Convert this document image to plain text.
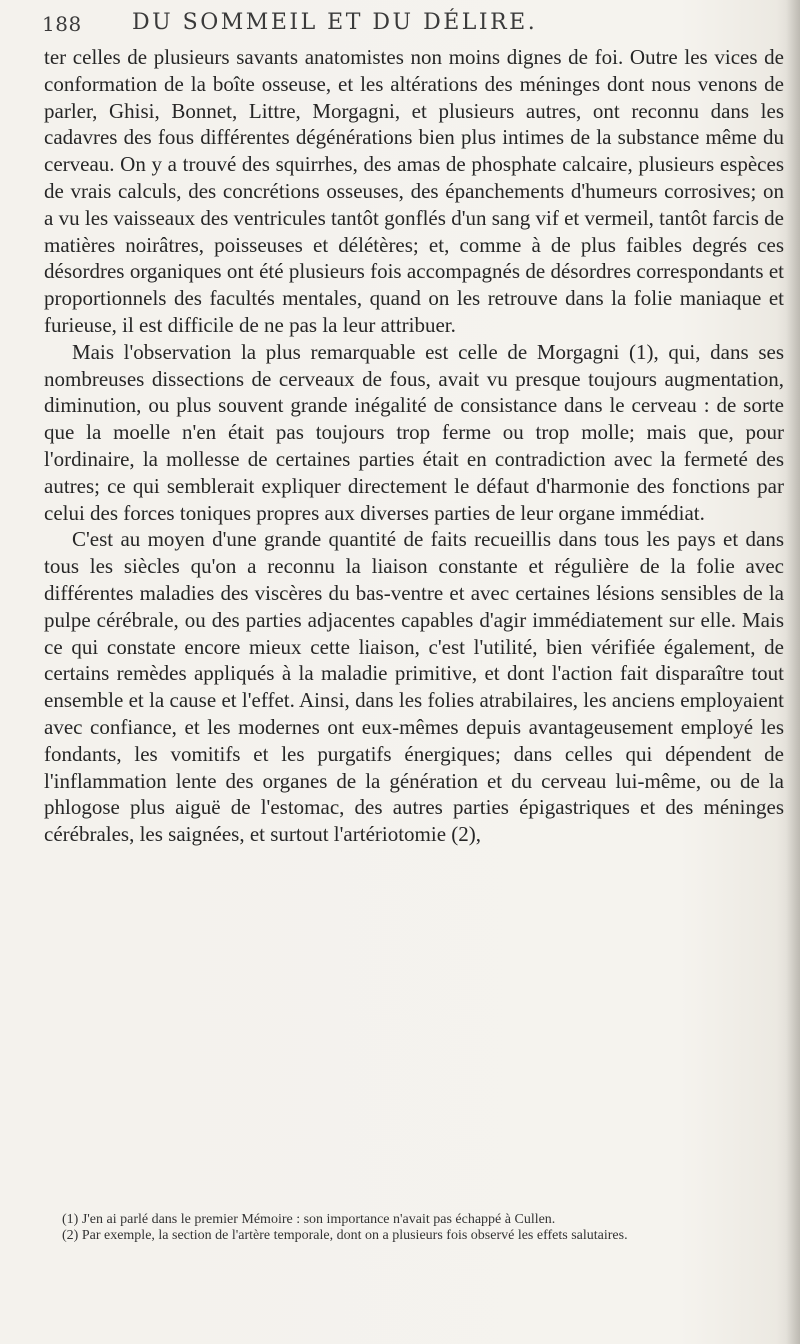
188 DU SOMMEIL ET DU DÉLIRE.

ter celles de plusieurs savants anatomistes non moins dignes de foi. Outre les vices de conformation de la boîte osseuse, et les altérations des méninges dont nous venons de parler, Ghisi, Bonnet, Littre, Morgagni, et plusieurs autres, ont reconnu dans les cadavres des fous différentes dégénérations bien plus intimes de la substance même du cerveau. On y a trouvé des squirrhes, des amas de phosphate calcaire, plusieurs espèces de vrais calculs, des concrétions osseuses, des épanchements d'humeurs corrosives; on a vu les vaisseaux des ventricules tantôt gonflés d'un sang vif et vermeil, tantôt farcis de matières noirâtres, poisseuses et délétères; et, comme à de plus faibles degrés ces désordres organiques ont été plusieurs fois accompagnés de désordres correspondants et proportionnels des facultés mentales, quand on les retrouve dans la folie maniaque et furieuse, il est difficile de ne pas la leur attribuer.

Mais l'observation la plus remarquable est celle de Morgagni (1), qui, dans ses nombreuses dissections de cerveaux de fous, avait vu presque toujours augmentation, diminution, ou plus souvent grande inégalité de consistance dans le cerveau : de sorte que la moelle n'en était pas toujours trop ferme ou trop molle; mais que, pour l'ordinaire, la mollesse de certaines parties était en contradiction avec la fermeté des autres; ce qui semblerait expliquer directement le défaut d'harmonie des fonctions par celui des forces toniques propres aux diverses parties de leur organe immédiat.

C'est au moyen d'une grande quantité de faits recueillis dans tous les pays et dans tous les siècles qu'on a reconnu la liaison constante et régulière de la folie avec différentes maladies des viscères du bas-ventre et avec certaines lésions sensibles de la pulpe cérébrale, ou des parties adjacentes capables d'agir immédiatement sur elle. Mais ce qui constate encore mieux cette liaison, c'est l'utilité, bien vérifiée également, de certains remèdes appliqués à la maladie primitive, et dont l'action fait disparaître tout ensemble et la cause et l'effet. Ainsi, dans les folies atrabilaires, les anciens employaient avec confiance, et les modernes ont eux-mêmes depuis avantageusement employé les fondants, les vomitifs et les purgatifs énergiques; dans celles qui dépendent de l'inflammation lente des organes de la génération et du cerveau lui-même, ou de la phlogose plus aiguë de l'estomac, des autres parties épigastriques et des méninges cérébrales, les saignées, et surtout l'artériotomie (2),

(1) J'en ai parlé dans le premier Mémoire : son importance n'avait pas échappé à Cullen.

(2) Par exemple, la section de l'artère temporale, dont on a plusieurs fois observé les effets salutaires.
